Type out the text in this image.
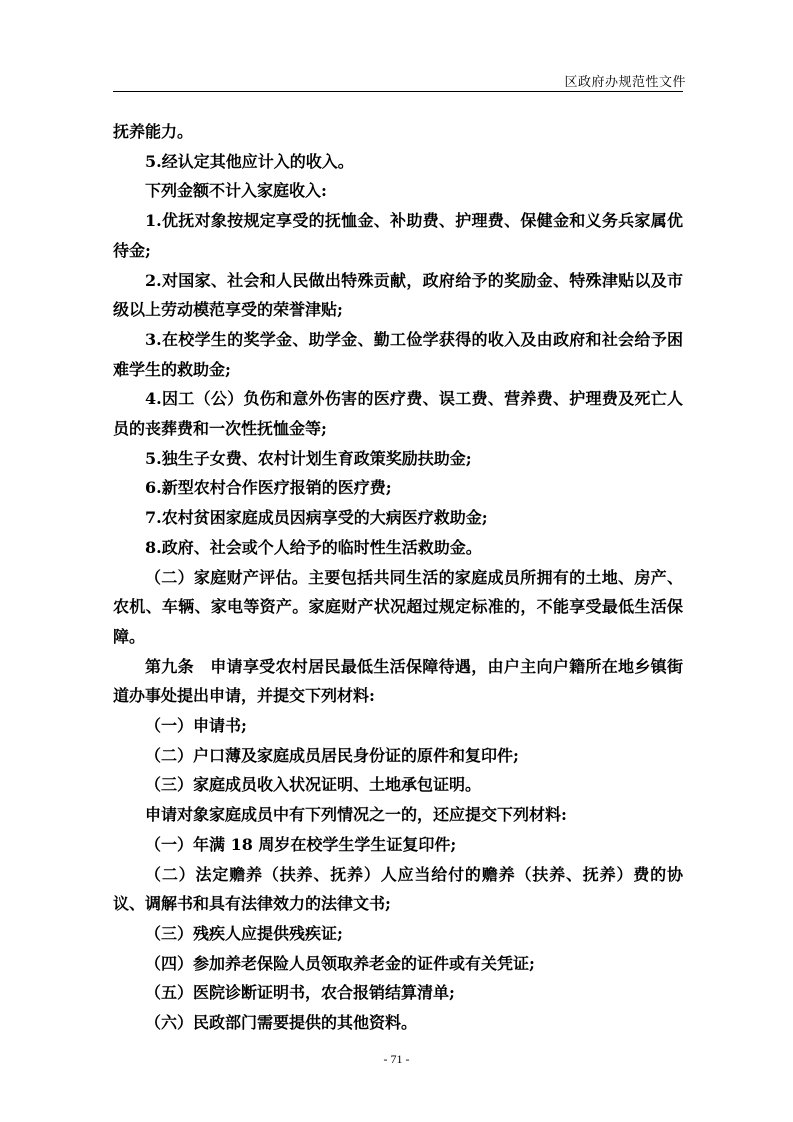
区政府办规范性文件

抚养能力。

5.经认定其他应计入的收入。

下列金额不计入家庭收入:

1.优抚对象按规定享受的抚恤金、补助费、护理费、保健金和义务兵家属优待金;

2.对国家、社会和人民做出特殊贡献，政府给予的奖励金、特殊津贴以及市级以上劳动模范享受的荣誉津贴;

3.在校学生的奖学金、助学金、勤工俭学获得的收入及由政府和社会给予困难学生的救助金;

4.因工（公）负伤和意外伤害的医疗费、误工费、营养费、护理费及死亡人员的丧葬费和一次性抚恤金等;

5.独生子女费、农村计划生育政策奖励扶助金;

6.新型农村合作医疗报销的医疗费;

7.农村贫困家庭成员因病享受的大病医疗救助金;

8.政府、社会或个人给予的临时性生活救助金。

（二）家庭财产评估。主要包括共同生活的家庭成员所拥有的土地、房产、农机、车辆、家电等资产。家庭财产状况超过规定标准的，不能享受最低生活保障。

第九条　申请享受农村居民最低生活保障待遇，由户主向户籍所在地乡镇街道办事处提出申请，并提交下列材料:

（一）申请书;

（二）户口薄及家庭成员居民身份证的原件和复印件;

（三）家庭成员收入状况证明、土地承包证明。

申请对象家庭成员中有下列情况之一的，还应提交下列材料:

（一）年满 18 周岁在校学生学生证复印件;

（二）法定赡养（扶养、抚养）人应当给付的赡养（扶养、抚养）费的协议、调解书和具有法律效力的法律文书;

（三）残疾人应提供残疾证;

（四）参加养老保险人员领取养老金的证件或有关凭证;

（五）医院诊断证明书，农合报销结算清单;

（六）民政部门需要提供的其他资料。

- 71 -
